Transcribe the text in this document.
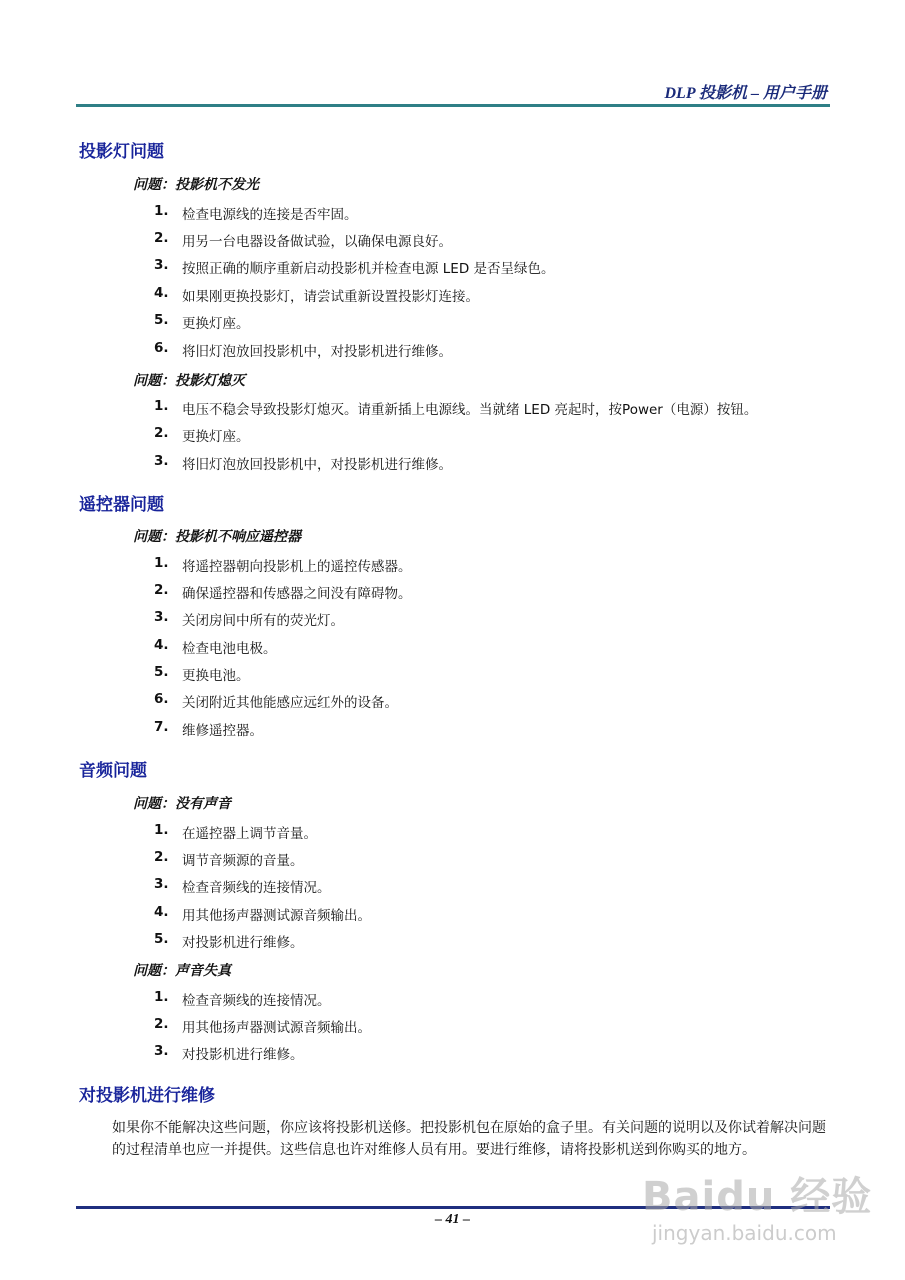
DLP 投影机 – 用户手册
投影灯问题
问题：投影机不发光
1. 检查电源线的连接是否牢固。
2. 用另一台电器设备做试验，以确保电源良好。
3. 按照正确的顺序重新启动投影机并检查电源 LED 是否呈绿色。
4. 如果刚更换投影灯，请尝试重新设置投影灯连接。
5. 更换灯座。
6. 将旧灯泡放回投影机中，对投影机进行维修。
问题：投影灯熄灭
1. 电压不稳会导致投影灯熄灭。请重新插上电源线。当就绪 LED 亮起时，按Power（电源）按钮。
2. 更换灯座。
3. 将旧灯泡放回投影机中，对投影机进行维修。
遥控器问题
问题：投影机不响应遥控器
1. 将遥控器朝向投影机上的遥控传感器。
2. 确保遥控器和传感器之间没有障碍物。
3. 关闭房间中所有的荧光灯。
4. 检查电池电极。
5. 更换电池。
6. 关闭附近其他能感应远红外的设备。
7. 维修遥控器。
音频问题
问题：没有声音
1. 在遥控器上调节音量。
2. 调节音频源的音量。
3. 检查音频线的连接情况。
4. 用其他扬声器测试源音频输出。
5. 对投影机进行维修。
问题：声音失真
1. 检查音频线的连接情况。
2. 用其他扬声器测试源音频输出。
3. 对投影机进行维修。
对投影机进行维修
如果你不能解决这些问题，你应该将投影机送修。把投影机包在原始的盒子里。有关问题的说明以及你试着解决问题的过程清单也应一并提供。这些信息也许对维修人员有用。要进行维修，请将投影机送到你购买的地方。
– 41 –	Baidu 经验
jingyan.baidu.com
